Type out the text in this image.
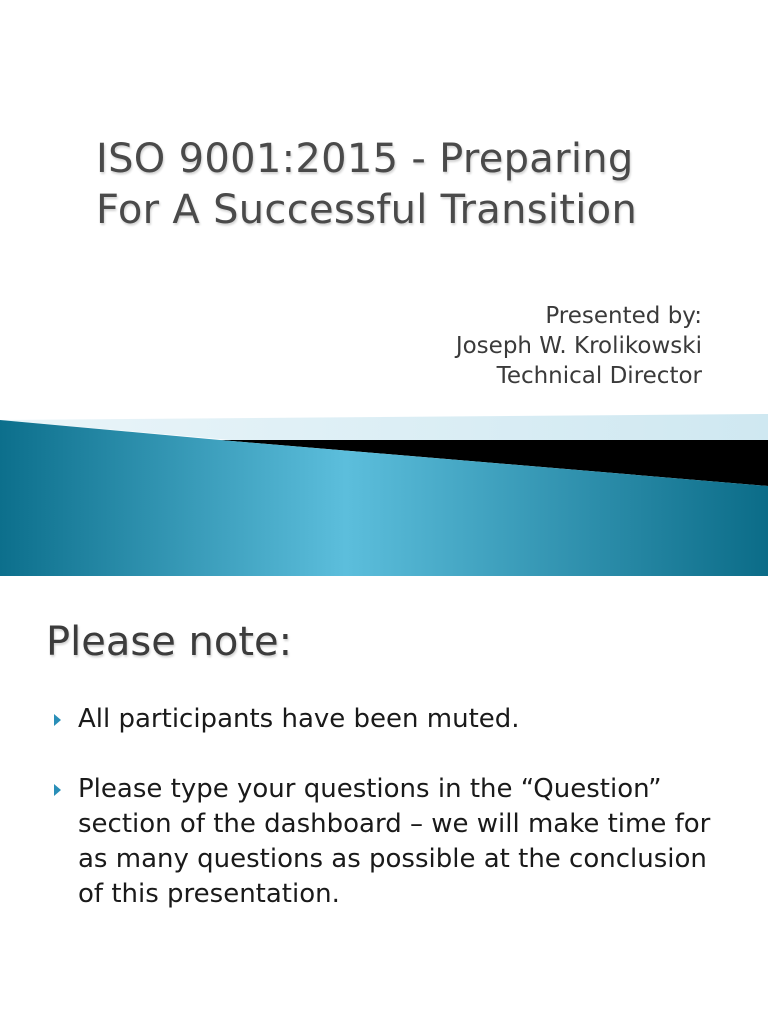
ISO 9001:2015 - Preparing
For A Successful Transition
Presented by:
Joseph W. Krolikowski
Technical Director
Please note:
All participants have been muted.
Please type your questions in the “Question” section of the dashboard – we will make time for as many questions as possible at the conclusion of this presentation.
